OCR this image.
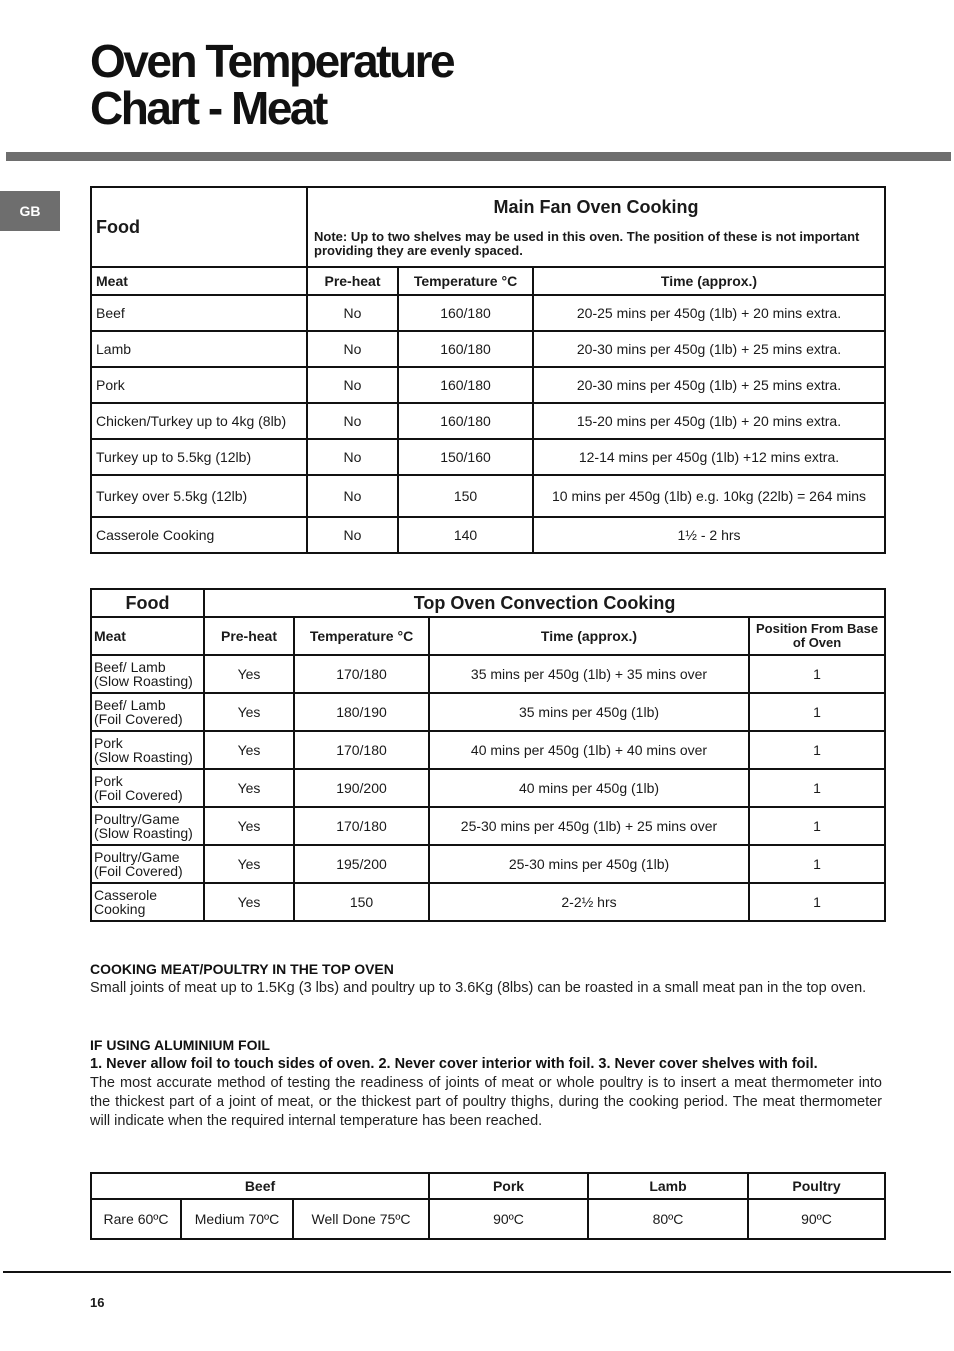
Oven Temperature
Chart - Meat
GB
Food	Main Fan Oven Cooking
Note: Up to two shelves may be used in this oven. The position of these is not important providing they are evenly spaced.		

Meat	Pre-heat	Temperature °C	Time (approx.)
Beef	No	160/180	20-25 mins per 450g (1lb) + 20 mins extra.
Lamb	No	160/180	20-30 mins per 450g (1lb) + 25 mins extra.
Pork	No	160/180	20-30 mins per 450g (1lb) + 25 mins extra.
Chicken/Turkey up to 4kg (8lb)	No	160/180	15-20 mins per 450g (1lb) + 20 mins extra.
Turkey up to 5.5kg (12lb)	No	150/160	12-14 mins per 450g (1lb) +12 mins extra.
Turkey over 5.5kg (12lb)	No	150	10 mins per 450g (1lb) e.g. 10kg (22lb) = 264 mins
Casserole Cooking	No	140	1½ - 2 hrs
Food	Top Oven Convection Cooking			
Meat	Pre-heat	Temperature °C	Time (approx.)	Position From Base of Oven
Beef/ Lamb
(Slow Roasting)	Yes	170/180	35 mins per 450g (1lb) + 35 mins over	1
Beef/ Lamb
(Foil Covered)	Yes	180/190	35 mins per 450g (1lb)	1
Pork
(Slow Roasting)	Yes	170/180	40 mins per 450g (1lb) + 40 mins over	1
Pork
(Foil Covered)	Yes	190/200	40 mins per 450g (1lb)	1
Poultry/Game
(Slow Roasting)	Yes	170/180	25-30 mins per 450g (1lb) + 25 mins over	1
Poultry/Game
(Foil Covered)	Yes	195/200	25-30 mins per 450g (1lb)	1
Casserole
Cooking	Yes	150	2-2½ hrs	1
COOKING MEAT/POULTRY IN THE TOP OVEN

Small joints of meat up to 1.5Kg (3 lbs) and poultry up to 3.6Kg (8lbs) can be roasted in a small meat pan in the top oven.

IF USING ALUMINIUM FOIL

1. Never allow foil to touch sides of oven. 2. Never cover interior with foil. 3. Never cover shelves with foil.

The most accurate method of testing the readiness of joints of meat or whole poultry is to insert a meat thermometer into the thickest part of a joint of meat, or the thickest part of poultry thighs, during the cooking period. The meat thermometer will indicate when the required internal temperature has been reached.

Beef			Pork	Lamb	Poultry
Rare 60ºC	Medium 70ºC	Well Done 75ºC	90ºC	80ºC	90ºC
16
